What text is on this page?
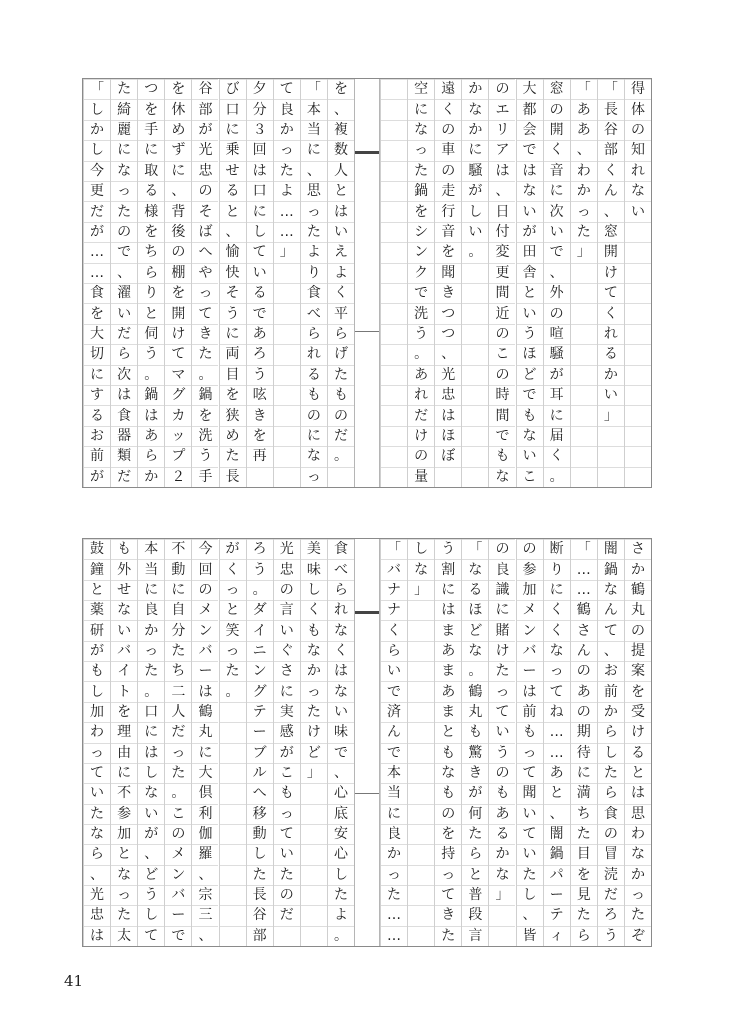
を
、
複
数
人
と
は
い
え
よ
く
平
ら
げ
た
も
の
だ
。
「
本
当
に
、
思
っ
た
よ
り
食
べ
ら
れ
る
も
の
に
な
っ
て
良
か
っ
た
よ
…
…
」
夕
分
３
回
は
口
に
し
て
い
る
で
あ
ろ
う
呟
き
を
再
び
口
に
乗
せ
る
と
、
愉
快
そ
う
に
両
目
を
狭
め
た
長
谷
部
が
光
忠
の
そ
ば
へ
や
っ
て
き
た
。
鍋
を
洗
う
手
を
休
め
ず
に
、
背
後
の
棚
を
開
け
て
マ
グ
カ
ッ
プ
２
つ
を
手
に
取
る
様
を
ち
ら
り
と
伺
う
。
鍋
は
あ
ら
か
た
綺
麗
に
な
っ
た
の
で
、
濯
い
だ
ら
次
は
食
器
類
だ
「
し
か
し
今
更
だ
が
…
…
食
を
大
切
に
す
る
お
前
が
得
体
の
知
れ
な
い
「
長
谷
部
く
ん
、
窓
開
け
て
く
れ
る
か
い
」
「
あ
あ
、
わ
か
っ
た
」
窓
の
開
く
音
に
次
い
で
、
外
の
喧
騒
が
耳
に
届
く
。
大
都
会
で
は
な
い
が
田
舎
と
い
う
ほ
ど
で
も
な
い
こ
の
エ
リ
ア
は
、
日
付
変
更
間
近
の
こ
の
時
間
で
も
な
か
な
か
に
騒
が
し
い
。
遠
く
の
車
の
走
行
音
を
聞
き
つ
つ
、
光
忠
は
ほ
ぼ
空
に
な
っ
た
鍋
を
シ
ン
ク
で
洗
う
。
あ
れ
だ
け
の
量
食
べ
ら
れ
な
く
は
な
い
味
で
、
心
底
安
心
し
た
よ
。
美
味
し
く
も
な
か
っ
た
け
ど
」
光
忠
の
言
い
ぐ
さ
に
実
感
が
こ
も
っ
て
い
た
の
だ
ろ
う
。
ダ
イ
ニ
ン
グ
テ
ー
ブ
ル
へ
移
動
し
た
長
谷
部
が
く
っ
と
笑
っ
た
。
今
回
の
メ
ン
バ
ー
は
鶴
丸
に
大
倶
利
伽
羅
、
宗
三
、
不
動
に
自
分
た
ち
二
人
だ
っ
た
。
こ
の
メ
ン
バ
ー
で
本
当
に
良
か
っ
た
。
口
に
は
し
な
い
が
、
ど
う
し
て
も
外
せ
な
い
バ
イ
ト
を
理
由
に
不
参
加
と
な
っ
た
太
鼓
鐘
と
薬
研
が
も
し
加
わ
っ
て
い
た
な
ら
、
光
忠
は
さ
か
鶴
丸
の
提
案
を
受
け
る
と
は
思
わ
な
か
っ
た
ぞ
闇
鍋
な
ん
て
、
お
前
か
ら
し
た
ら
食
の
冒
涜
だ
ろ
う
「
…
…
鶴
さ
ん
の
あ
の
期
待
に
満
ち
た
目
を
見
た
ら
断
り
に
く
く
な
っ
て
ね
…
…
あ
と
、
闇
鍋
パ
ー
テ
ィ
の
参
加
メ
ン
バ
ー
は
前
も
っ
て
聞
い
て
い
た
し
、
皆
の
良
識
に
賭
け
た
っ
て
い
う
の
も
あ
る
か
な
」
「
な
る
ほ
ど
な
。
鶴
丸
も
驚
き
が
何
た
ら
と
普
段
言
う
割
に
は
ま
あ
ま
あ
ま
と
も
な
も
の
を
持
っ
て
き
た
し
な
」
「
バ
ナ
ナ
く
ら
い
で
済
ん
で
本
当
に
良
か
っ
た
…
…
41
